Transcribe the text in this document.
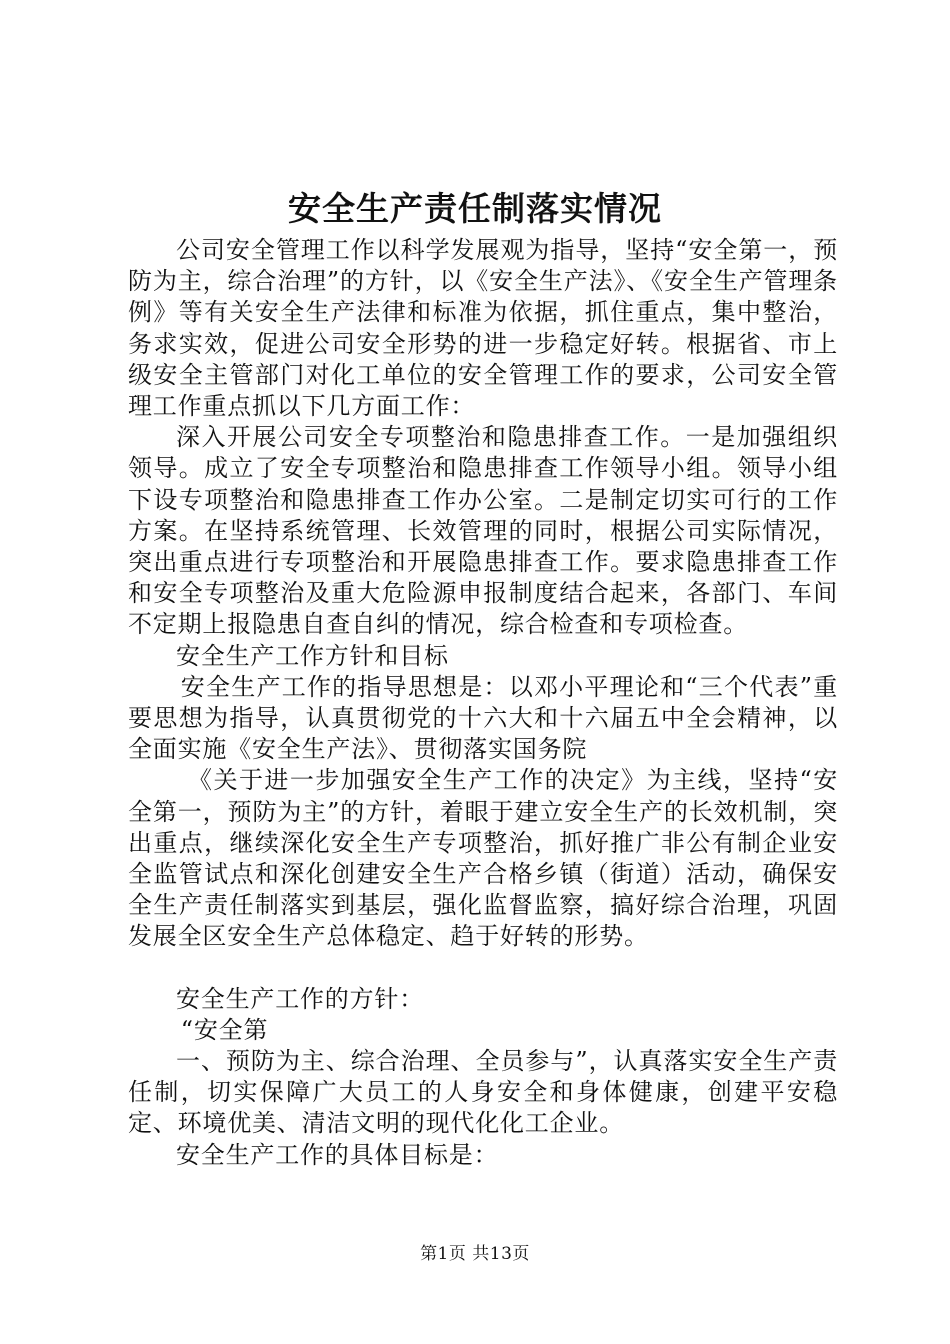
安全生产责任制落实情况

公司安全管理工作以科学发展观为指导，坚持“安全第一，预防为主，综合治理”的方针，以《安全生产法》、《安全生产管理条例》等有关安全生产法律和标准为依据，抓住重点，集中整治，务求实效，促进公司安全形势的进一步稳定好转。根据省、市上级安全主管部门对化工单位的安全管理工作的要求，公司安全管理工作重点抓以下几方面工作：

深入开展公司安全专项整治和隐患排查工作。一是加强组织领导。成立了安全专项整治和隐患排查工作领导小组。领导小组下设专项整治和隐患排查工作办公室。二是制定切实可行的工作方案。在坚持系统管理、长效管理的同时，根据公司实际情况，突出重点进行专项整治和开展隐患排查工作。要求隐患排查工作和安全专项整治及重大危险源申报制度结合起来，各部门、车间不定期上报隐患自查自纠的情况，综合检查和专项检查。

安全生产工作方针和目标

安全生产工作的指导思想是：以邓小平理论和“三个代表”重要思想为指导，认真贯彻党的十六大和十六届五中全会精神，以全面实施《安全生产法》、贯彻落实国务院

《关于进一步加强安全生产工作的决定》为主线，坚持“安全第一，预防为主”的方针，着眼于建立安全生产的长效机制，突出重点，继续深化安全生产专项整治，抓好推广非公有制企业安全监管试点和深化创建安全生产合格乡镇（街道）活动，确保安全生产责任制落实到基层，强化监督监察，搞好综合治理，巩固发展全区安全生产总体稳定、趋于好转的形势。

安全生产工作的方针：

“安全第

一、预防为主、综合治理、全员参与”，认真落实安全生产责任制，切实保障广大员工的人身安全和身体健康，创建平安稳定、环境优美、清洁文明的现代化化工企业。

安全生产工作的具体目标是：

第1页 共13页
